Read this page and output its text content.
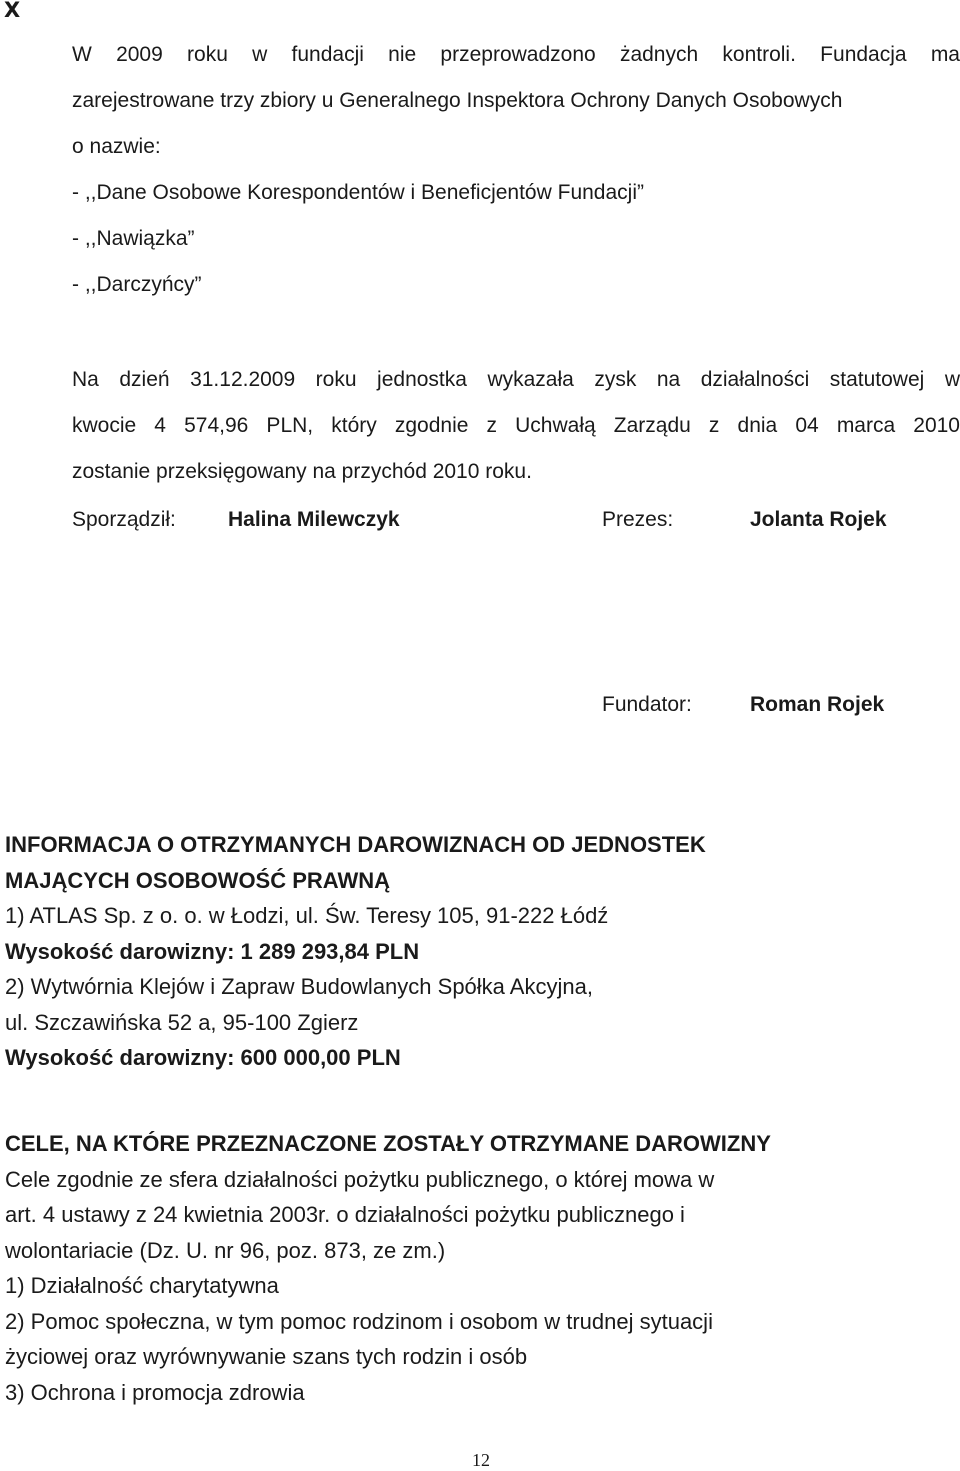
X
W 2009 roku w fundacji nie przeprowadzono żadnych kontroli. Fundacja ma
zarejestrowane trzy zbiory u Generalnego Inspektora Ochrony Danych Osobowych
o nazwie:
- ,,Dane Osobowe Korespondentów i Beneficjentów Fundacji”
- ,,Nawiązka”
- ,,Darczyńcy”
Na dzień 31.12.2009 roku jednostka wykazała zysk na działalności statutowej w
kwocie 4 574,96 PLN, który zgodnie z Uchwałą Zarządu z dnia 04 marca 2010
zostanie przeksięgowany na przychód 2010 roku.
Sporządził: Halina Milewczyk	Prezes:	Jolanta Rojek
Fundator:	Roman Rojek
INFORMACJA O OTRZYMANYCH DAROWIZNACH OD JEDNOSTEK
MAJĄCYCH OSOBOWOŚĆ PRAWNĄ
1) ATLAS Sp. z o. o. w Łodzi, ul. Św. Teresy 105, 91-222 Łódź
Wysokość darowizny: 1 289 293,84 PLN
2) Wytwórnia Klejów i Zapraw Budowlanych Spółka Akcyjna,
ul. Szczawińska 52 a, 95-100 Zgierz
Wysokość darowizny: 600 000,00 PLN
CELE, NA KTÓRE PRZEZNACZONE ZOSTAŁY OTRZYMANE DAROWIZNY
Cele zgodnie ze sfera działalności pożytku publicznego, o której mowa w
art. 4 ustawy z 24 kwietnia 2003r. o działalności pożytku publicznego i
wolontariacie (Dz. U. nr 96, poz. 873, ze zm.)
1) Działalność charytatywna
2) Pomoc społeczna, w tym pomoc rodzinom i osobom w trudnej sytuacji
życiowej oraz wyrównywanie szans tych rodzin i osób
3) Ochrona i promocja zdrowia
12
